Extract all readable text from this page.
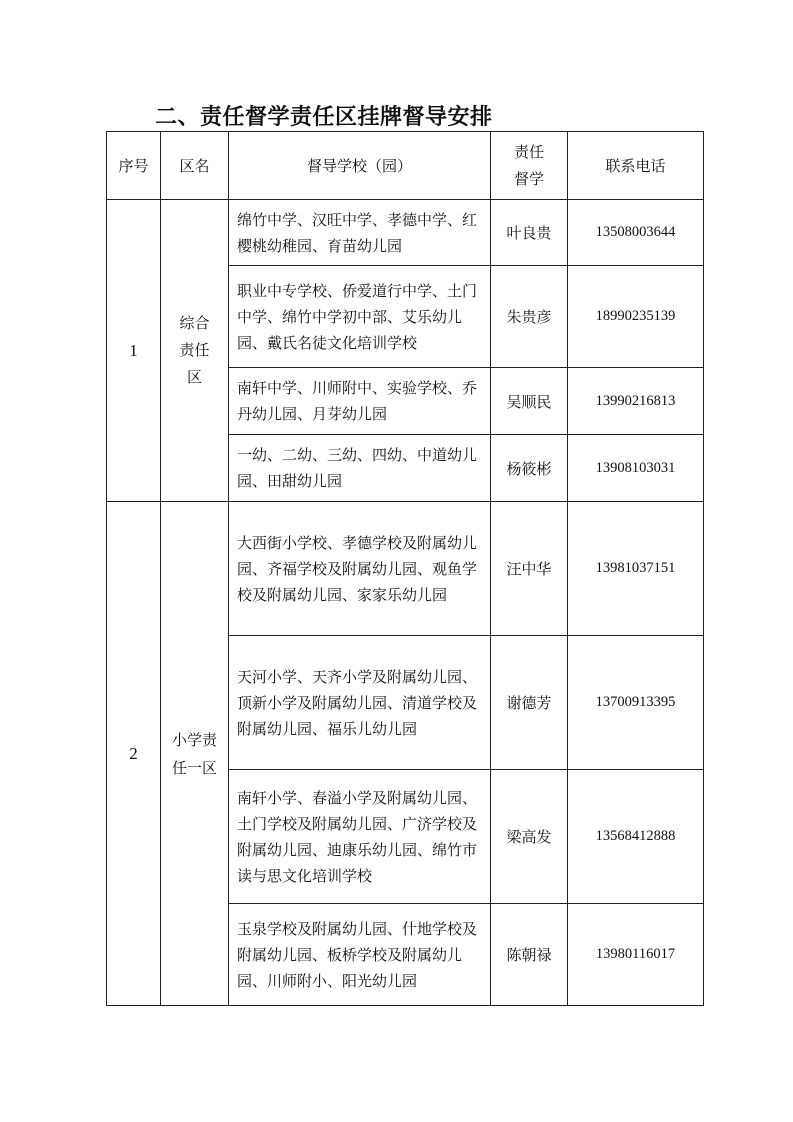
二、责任督学责任区挂牌督导安排
序号	区名	督导学校（园）	责任督学	联系电话
1	综合责任区	绵竹中学、汉旺中学、孝德中学、红樱桃幼稚园、育苗幼儿园	叶良贵	13508003644
		职业中专学校、侨爱道行中学、土门中学、绵竹中学初中部、艾乐幼儿园、戴氏名徒文化培训学校	朱贵彦	18990235139
		南轩中学、川师附中、实验学校、乔丹幼儿园、月芽幼儿园	吴顺民	13990216813
		一幼、二幼、三幼、四幼、中道幼儿园、田甜幼儿园	杨筱彬	13908103031
2	小学责任一区	大西街小学校、孝德学校及附属幼儿园、齐福学校及附属幼儿园、观鱼学校及附属幼儿园、家家乐幼儿园	汪中华	13981037151
		天河小学、天齐小学及附属幼儿园、顶新小学及附属幼儿园、清道学校及附属幼儿园、福乐儿幼儿园	谢德芳	13700913395
		南轩小学、春溢小学及附属幼儿园、土门学校及附属幼儿园、广济学校及附属幼儿园、迪康乐幼儿园、绵竹市读与思文化培训学校	梁高发	13568412888
		玉泉学校及附属幼儿园、什地学校及附属幼儿园、板桥学校及附属幼儿园、川师附小、阳光幼儿园	陈朝禄	13980116017
